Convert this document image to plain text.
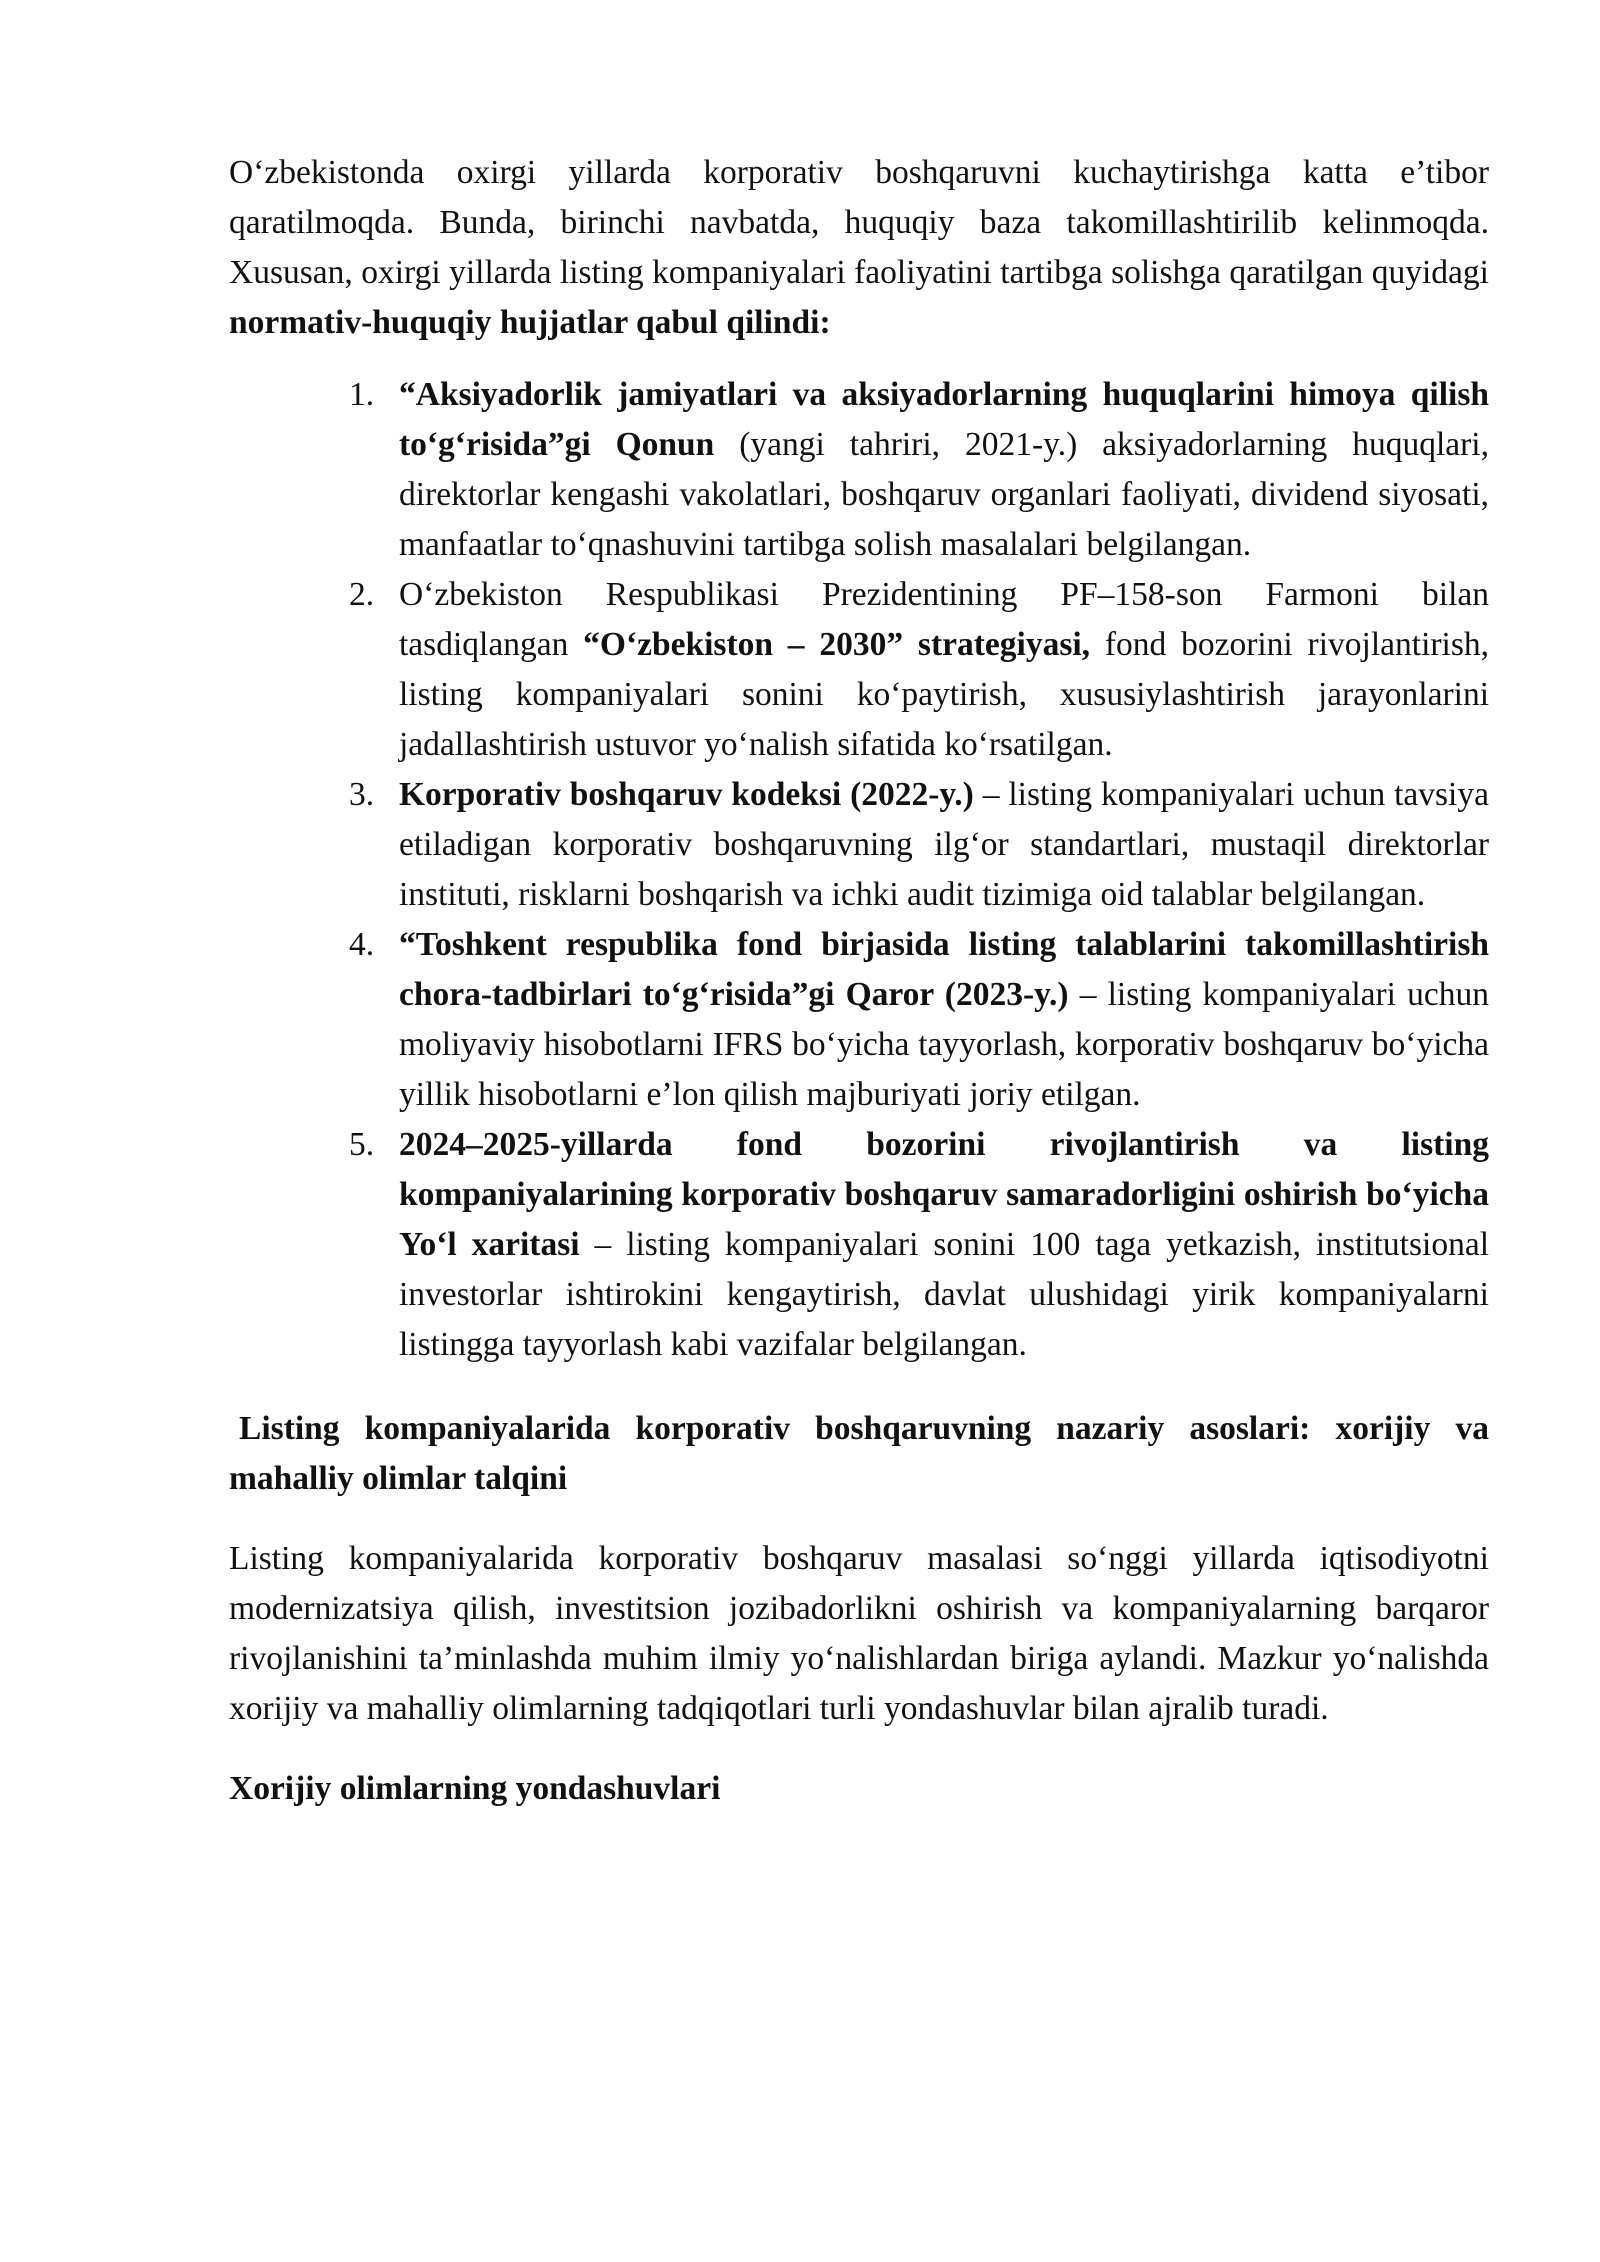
O‘zbekistonda oxirgi yillarda korporativ boshqaruvni kuchaytirishga katta e’tibor qaratilmoqda. Bunda, birinchi navbatda, huquqiy baza takomillashtirilib kelinmoqda. Xususan, oxirgi yillarda listing kompaniyalari faoliyatini tartibga solishga qaratilgan quyidagi normativ-huquqiy hujjatlar qabul qilindi:

1. “Aksiyadorlik jamiyatlari va aksiyadorlarning huquqlarini himoya qilish to‘g‘risida”gi Qonun (yangi tahriri, 2021-y.) aksiyadorlarning huquqlari, direktorlar kengashi vakolatlari, boshqaruv organlari faoliyati, dividend siyosati, manfaatlar to‘qnashuvini tartibga solish masalalari belgilangan.
2. O‘zbekiston Respublikasi Prezidentining PF–158-son Farmoni bilan tasdiqlangan “O‘zbekiston – 2030” strategiyasi, fond bozorini rivojlantirish, listing kompaniyalari sonini ko‘paytirish, xususiylashtirish jarayonlarini jadallashtirish ustuvor yo‘nalish sifatida ko‘rsatilgan.
3. Korporativ boshqaruv kodeksi (2022-y.) – listing kompaniyalari uchun tavsiya etiladigan korporativ boshqaruvning ilg‘or standartlari, mustaqil direktorlar instituti, risklarni boshqarish va ichki audit tizimiga oid talablar belgilangan.
4. “Toshkent respublika fond birjasida listing talablarini takomillashtirish chora-tadbirlari to‘g‘risida”gi Qaror (2023-y.) – listing kompaniyalari uchun moliyaviy hisobotlarni IFRS bo‘yicha tayyorlash, korporativ boshqaruv bo‘yicha yillik hisobotlarni e’lon qilish majburiyati joriy etilgan.
5. 2024–2025-yillarda fond bozorini rivojlantirish va listing kompaniyalarining korporativ boshqaruv samaradorligini oshirish bo‘yicha Yo‘l xaritasi – listing kompaniyalari sonini 100 taga yetkazish, institutsional investorlar ishtirokini kengaytirish, davlat ulushidagi yirik kompaniyalarni listingga tayyorlash kabi vazifalar belgilangan.
Listing kompaniyalarida korporativ boshqaruvning nazariy asoslari: xorijiy va mahalliy olimlar talqini

Listing kompaniyalarida korporativ boshqaruv masalasi so‘nggi yillarda iqtisodiyotni modernizatsiya qilish, investitsion jozibadorlikni oshirish va kompaniyalarning barqaror rivojlanishini ta’minlashda muhim ilmiy yo‘nalishlardan biriga aylandi. Mazkur yo‘nalishda xorijiy va mahalliy olimlarning tadqiqotlari turli yondashuvlar bilan ajralib turadi.

Xorijiy olimlarning yondashuvlari
